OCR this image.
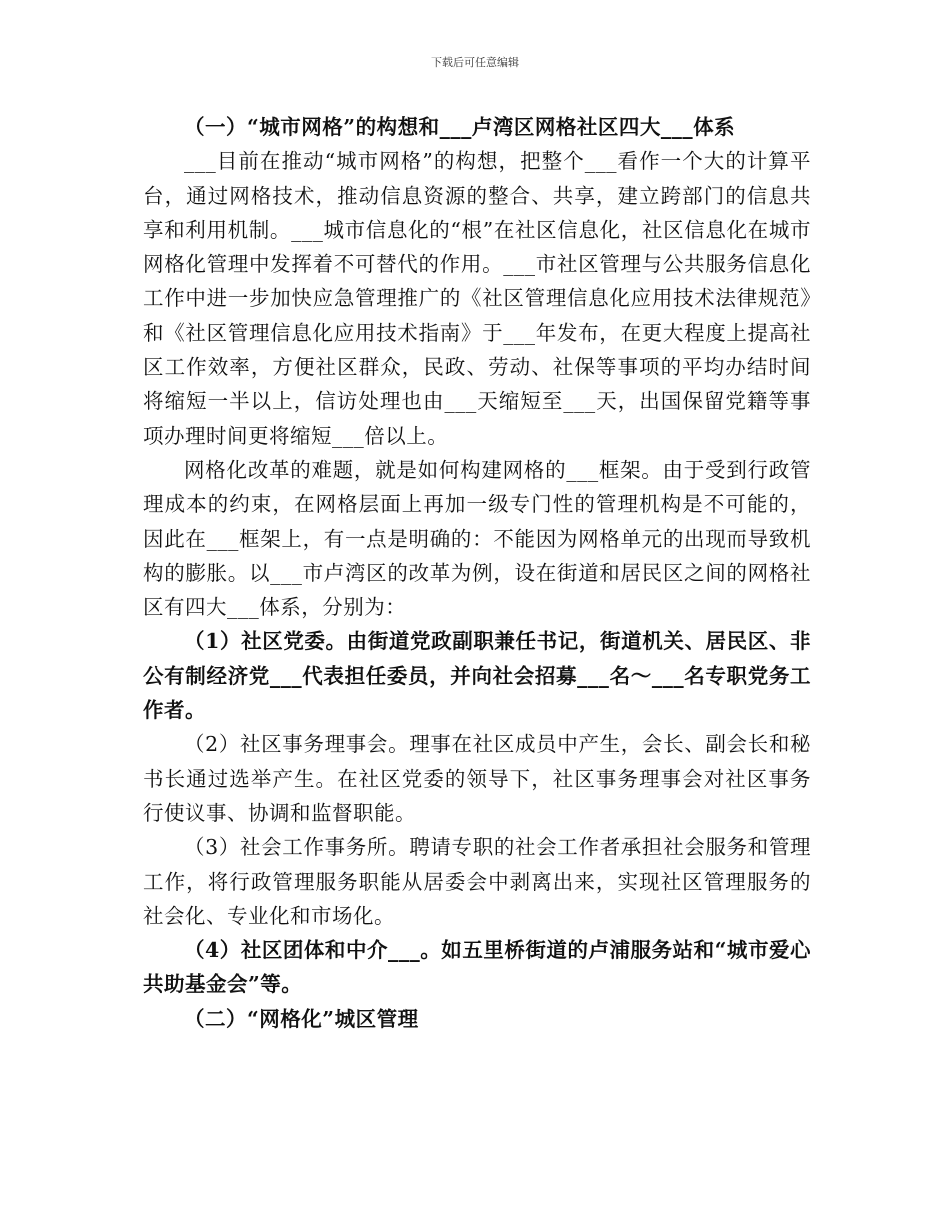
下载后可任意编辑

（一）“城市网格”的构想和___卢湾区网格社区四大___体系

___目前在推动“城市网格”的构想，把整个___看作一个大的计算平台，通过网格技术，推动信息资源的整合、共享，建立跨部门的信息共享和利用机制。___城市信息化的“根”在社区信息化，社区信息化在城市网格化管理中发挥着不可替代的作用。___市社区管理与公共服务信息化工作中进一步加快应急管理推广的《社区管理信息化应用技术法律规范》和《社区管理信息化应用技术指南》于___年发布，在更大程度上提高社区工作效率，方便社区群众，民政、劳动、社保等事项的平均办结时间将缩短一半以上，信访处理也由___天缩短至___天，出国保留党籍等事项办理时间更将缩短___倍以上。

网格化改革的难题，就是如何构建网格的___框架。由于受到行政管理成本的约束，在网格层面上再加一级专门性的管理机构是不可能的，因此在___框架上，有一点是明确的：不能因为网格单元的出现而导致机构的膨胀。以___市卢湾区的改革为例，设在街道和居民区之间的网格社区有四大___体系，分别为：

（1）社区党委。由街道党政副职兼任书记，街道机关、居民区、非公有制经济党___代表担任委员，并向社会招募___名～___名专职党务工作者。

（2）社区事务理事会。理事在社区成员中产生，会长、副会长和秘书长通过选举产生。在社区党委的领导下，社区事务理事会对社区事务行使议事、协调和监督职能。

（3）社会工作事务所。聘请专职的社会工作者承担社会服务和管理工作，将行政管理服务职能从居委会中剥离出来，实现社区管理服务的社会化、专业化和市场化。

（4）社区团体和中介___。如五里桥街道的卢浦服务站和“城市爱心共助基金会”等。

（二）“网格化”城区管理
